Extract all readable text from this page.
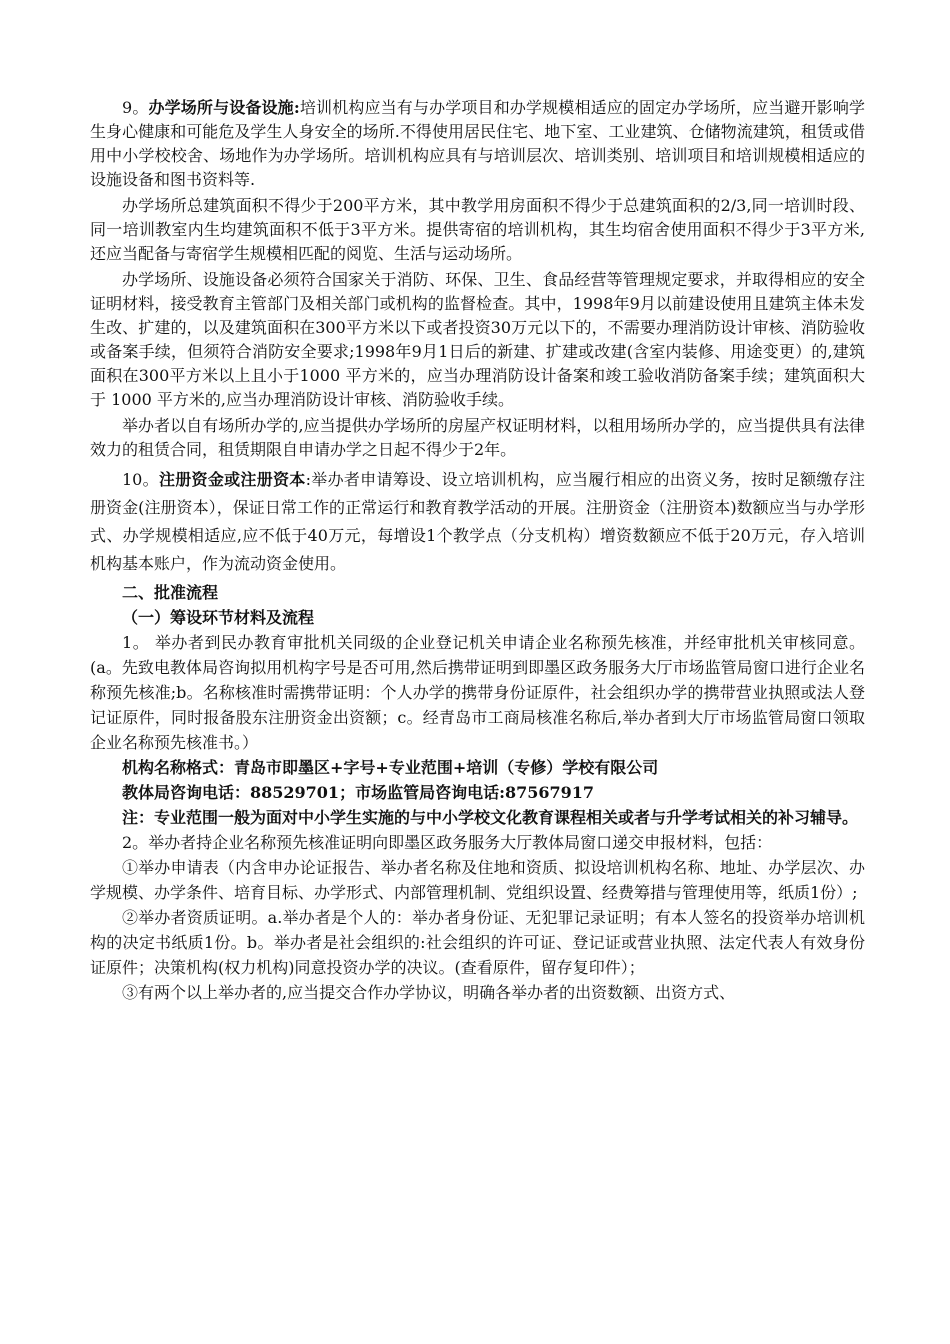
9。办学场所与设备设施:培训机构应当有与办学项目和办学规模相适应的固定办学场所，应当避开影响学生身心健康和可能危及学生人身安全的场所.不得使用居民住宅、地下室、工业建筑、仓储物流建筑，租赁或借用中小学校校舍、场地作为办学场所。培训机构应具有与培训层次、培训类别、培训项目和培训规模相适应的设施设备和图书资料等.

办学场所总建筑面积不得少于200平方米，其中教学用房面积不得少于总建筑面积的2/3,同一培训时段、同一培训教室内生均建筑面积不低于3平方米。提供寄宿的培训机构，其生均宿舍使用面积不得少于3平方米,还应当配备与寄宿学生规模相匹配的阅览、生活与运动场所。

办学场所、设施设备必须符合国家关于消防、环保、卫生、食品经营等管理规定要求，并取得相应的安全证明材料，接受教育主管部门及相关部门或机构的监督检查。其中，1998年9月以前建设使用且建筑主体未发生改、扩建的，以及建筑面积在300平方米以下或者投资30万元以下的，不需要办理消防设计审核、消防验收或备案手续，但须符合消防安全要求;1998年9月1日后的新建、扩建或改建(含室内装修、用途变更）的,建筑面积在300平方米以上且小于1000 平方米的，应当办理消防设计备案和竣工验收消防备案手续；建筑面积大于 1000 平方米的,应当办理消防设计审核、消防验收手续。

举办者以自有场所办学的,应当提供办学场所的房屋产权证明材料，以租用场所办学的，应当提供具有法律效力的租赁合同，租赁期限自申请办学之日起不得少于2年。

10。注册资金或注册资本:举办者申请筹设、设立培训机构，应当履行相应的出资义务，按时足额缴存注册资金(注册资本），保证日常工作的正常运行和教育教学活动的开展。注册资金（注册资本)数额应当与办学形式、办学规模相适应,应不低于40万元，每增设1个教学点（分支机构）增资数额应不低于20万元，存入培训机构基本账户，作为流动资金使用。

二、批准流程

（一）筹设环节材料及流程

1。 举办者到民办教育审批机关同级的企业登记机关申请企业名称预先核准，并经审批机关审核同意。(a。先致电教体局咨询拟用机构字号是否可用,然后携带证明到即墨区政务服务大厅市场监管局窗口进行企业名称预先核准;b。名称核准时需携带证明：个人办学的携带身份证原件，社会组织办学的携带营业执照或法人登记证原件，同时报备股东注册资金出资额；c。经青岛市工商局核准名称后,举办者到大厅市场监管局窗口领取企业名称预先核准书。）

机构名称格式：青岛市即墨区+字号+专业范围+培训（专修）学校有限公司

教体局咨询电话：88529701；市场监管局咨询电话:87567917

注：专业范围一般为面对中小学生实施的与中小学校文化教育课程相关或者与升学考试相关的补习辅导。

2。举办者持企业名称预先核准证明向即墨区政务服务大厅教体局窗口递交申报材料，包括：

①举办申请表（内含申办论证报告、举办者名称及住地和资质、拟设培训机构名称、地址、办学层次、办学规模、办学条件、培育目标、办学形式、内部管理机制、党组织设置、经费筹措与管理使用等，纸质1份）;

②举办者资质证明。a.举办者是个人的：举办者身份证、无犯罪记录证明；有本人签名的投资举办培训机构的决定书纸质1份。b。举办者是社会组织的:社会组织的许可证、登记证或营业执照、法定代表人有效身份证原件；决策机构(权力机构)同意投资办学的决议。(查看原件，留存复印件）；

③有两个以上举办者的,应当提交合作办学协议，明确各举办者的出资数额、出资方式、
